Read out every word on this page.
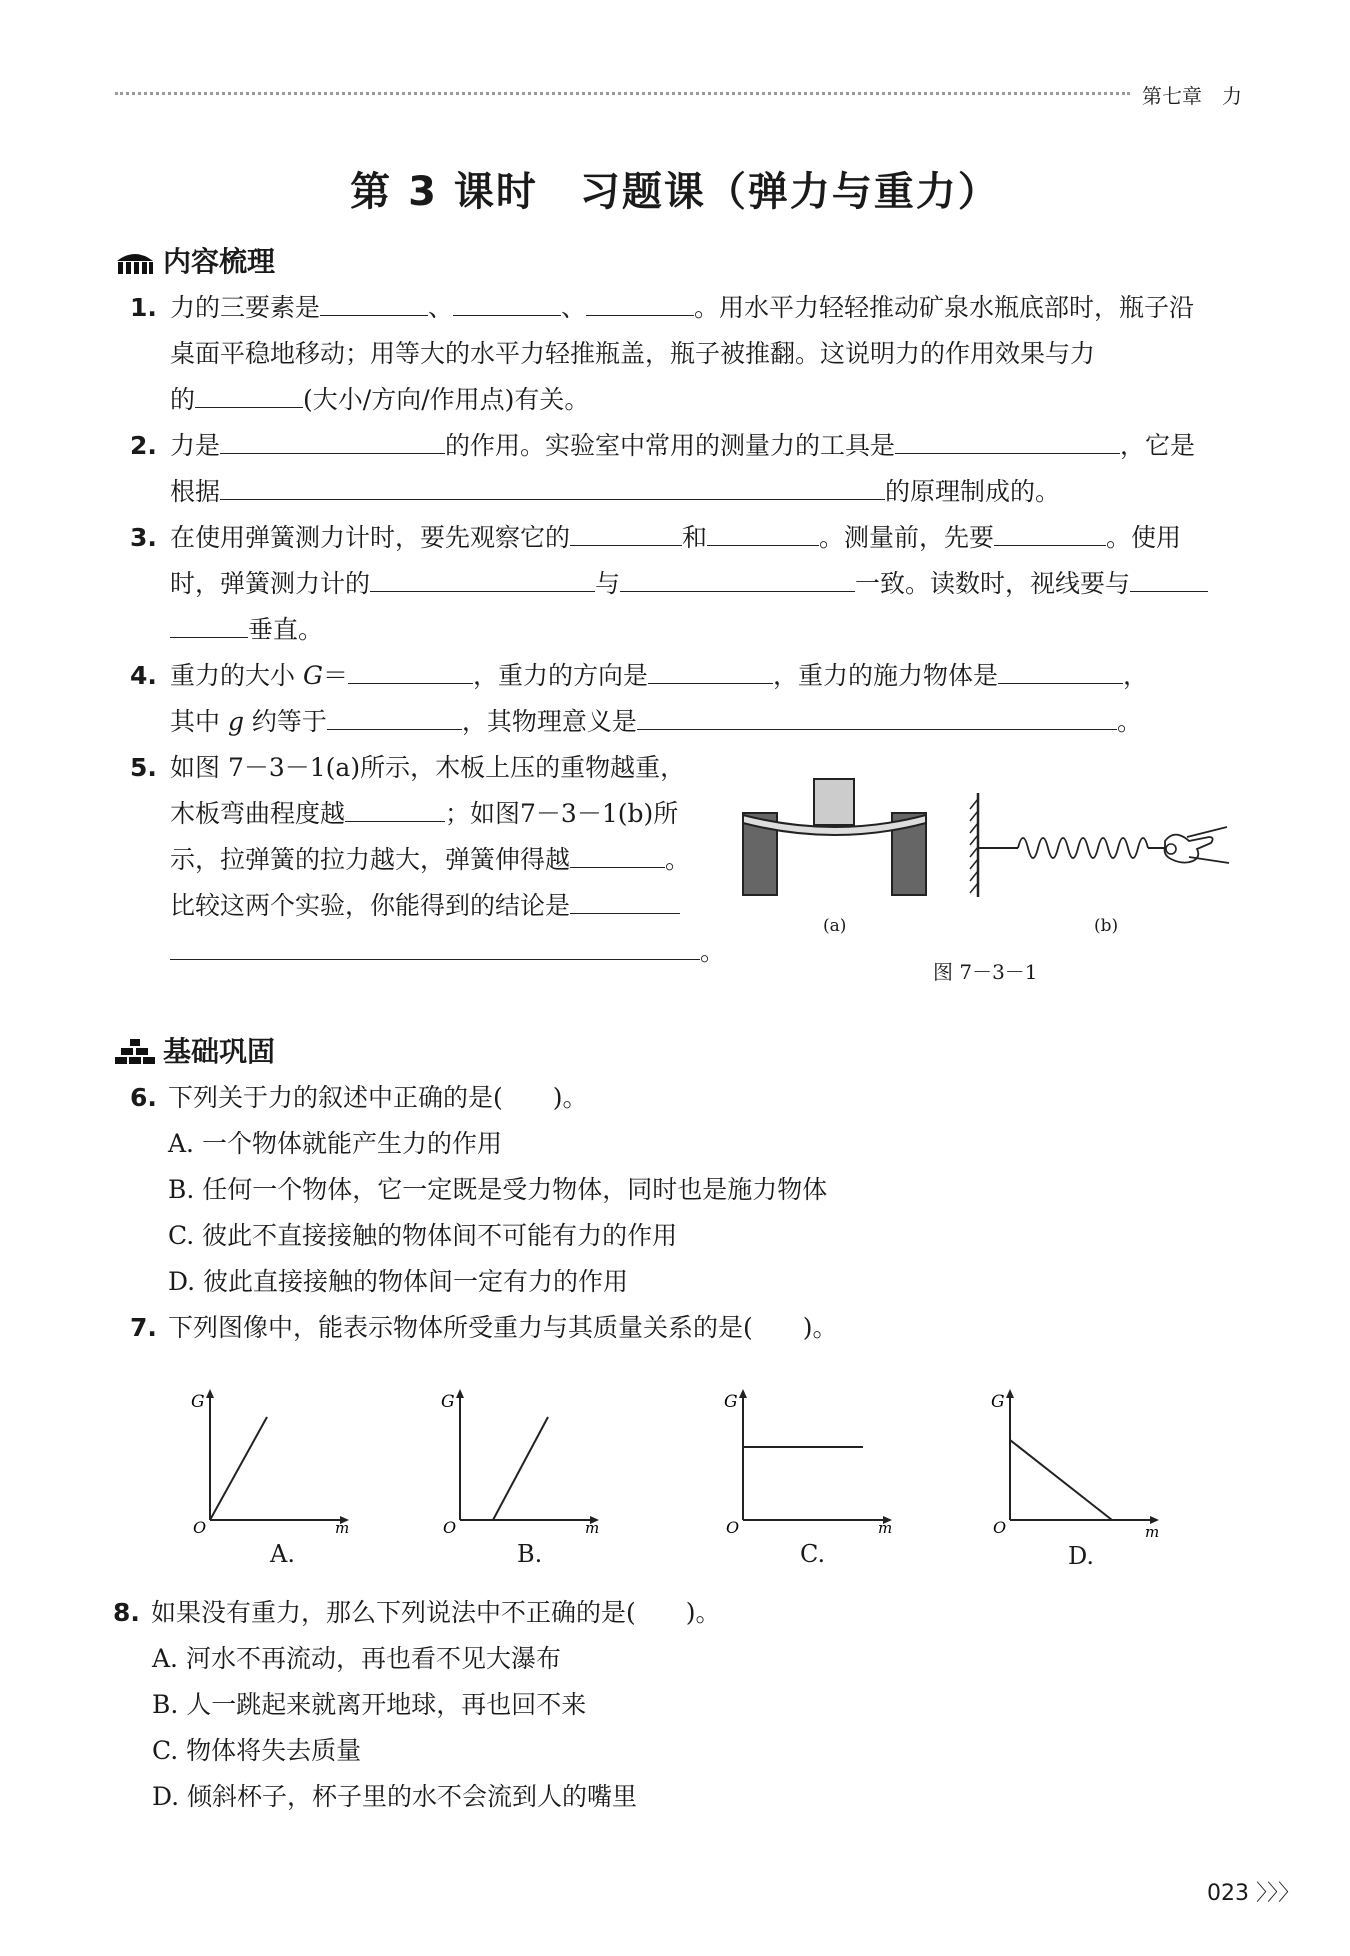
第七章　力
第 3 课时　习题课（弹力与重力）
内容梳理
1. 力的三要素是	、	、	。用水平力轻轻推动矿泉水瓶底部时，瓶子沿
桌面平稳地移动；用等大的水平力轻推瓶盖，瓶子被推翻。这说明力的作用效果与力
的	(大小/方向/作用点)有关。
2. 力是	的作用。实验室中常用的测量力的工具是	，它是
根据	的原理制成的。
3. 在使用弹簧测力计时，要先观察它的	和	。测量前，先要	。使用
时，弹簧测力计的	与	一致。读数时，视线要与
垂直。
4. 重力的大小 G＝	，重力的方向是	，重力的施力物体是	，
其中 g 约等于	，其物理意义是	。
5. 如图 7－3－1(a)所示，木板上压的重物越重，
木板弯曲程度越	；如图7－3－1(b)所
示，拉弹簧的拉力越大，弹簧伸得越	。
比较这两个实验，你能得到的结论是
。
(a)	(b)
图 7－3－1
基础巩固
6. 下列关于力的叙述中正确的是(　　)。
A. 一个物体就能产生力的作用
B. 任何一个物体，它一定既是受力物体，同时也是施力物体
C. 彼此不直接接触的物体间不可能有力的作用
D. 彼此直接接触的物体间一定有力的作用
7. 下列图像中，能表示物体所受重力与其质量关系的是(　　)。
G
O	m
A.
G
O	m
B.
G
O	m
C.
G
O	m
D.
8. 如果没有重力，那么下列说法中不正确的是(　　)。
A. 河水不再流动，再也看不见大瀑布
B. 人一跳起来就离开地球，再也回不来
C. 物体将失去质量
D. 倾斜杯子，杯子里的水不会流到人的嘴里
023 〉〉〉
